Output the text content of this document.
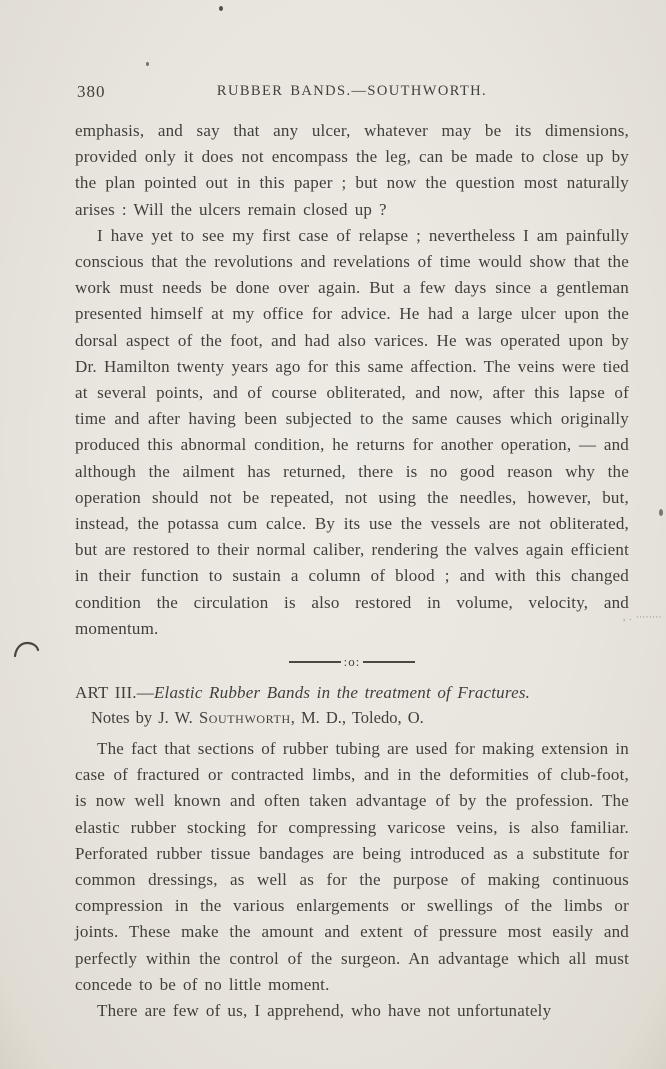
, . ········
380	RUBBER BANDS.—SOUTHWORTH.

emphasis, and say that any ulcer, whatever may be its dimensions, provided only it does not encompass the leg, can be made to close up by the plan pointed out in this paper ; but now the question most naturally arises : Will the ulcers remain closed up ?

I have yet to see my first case of relapse ; nevertheless I am painfully conscious that the revolutions and revelations of time would show that the work must needs be done over again. But a few days since a gentleman presented himself at my office for advice. He had a large ulcer upon the dorsal aspect of the foot, and had also varices. He was operated upon by Dr. Hamilton twenty years ago for this same affection. The veins were tied at several points, and of course obliterated, and now, after this lapse of time and after having been subjected to the same causes which originally produced this abnormal condition, he returns for another operation, — and although the ailment has returned, there is no good reason why the operation should not be repeated, not using the needles, however, but, instead, the potassa cum calce. By its use the vessels are not obliterated, but are restored to their normal caliber, rendering the valves again efficient in their function to sustain a column of blood ; and with this changed condition the circulation is also restored in volume, velocity, and momentum.

:o:
ART III.—Elastic Rubber Bands in the treatment of Fractures.

Notes by J. W. Southworth, M. D., Toledo, O.

The fact that sections of rubber tubing are used for making extension in case of fractured or contracted limbs, and in the deformities of club-foot, is now well known and often taken advantage of by the profession. The elastic rubber stocking for compressing varicose veins, is also familiar. Perforated rubber tissue bandages are being introduced as a substitute for common dressings, as well as for the purpose of making continuous compression in the various enlargements or swellings of the limbs or joints. These make the amount and extent of pressure most easily and perfectly within the control of the surgeon. An advantage which all must concede to be of no little moment.

There are few of us, I apprehend, who have not unfortunately
